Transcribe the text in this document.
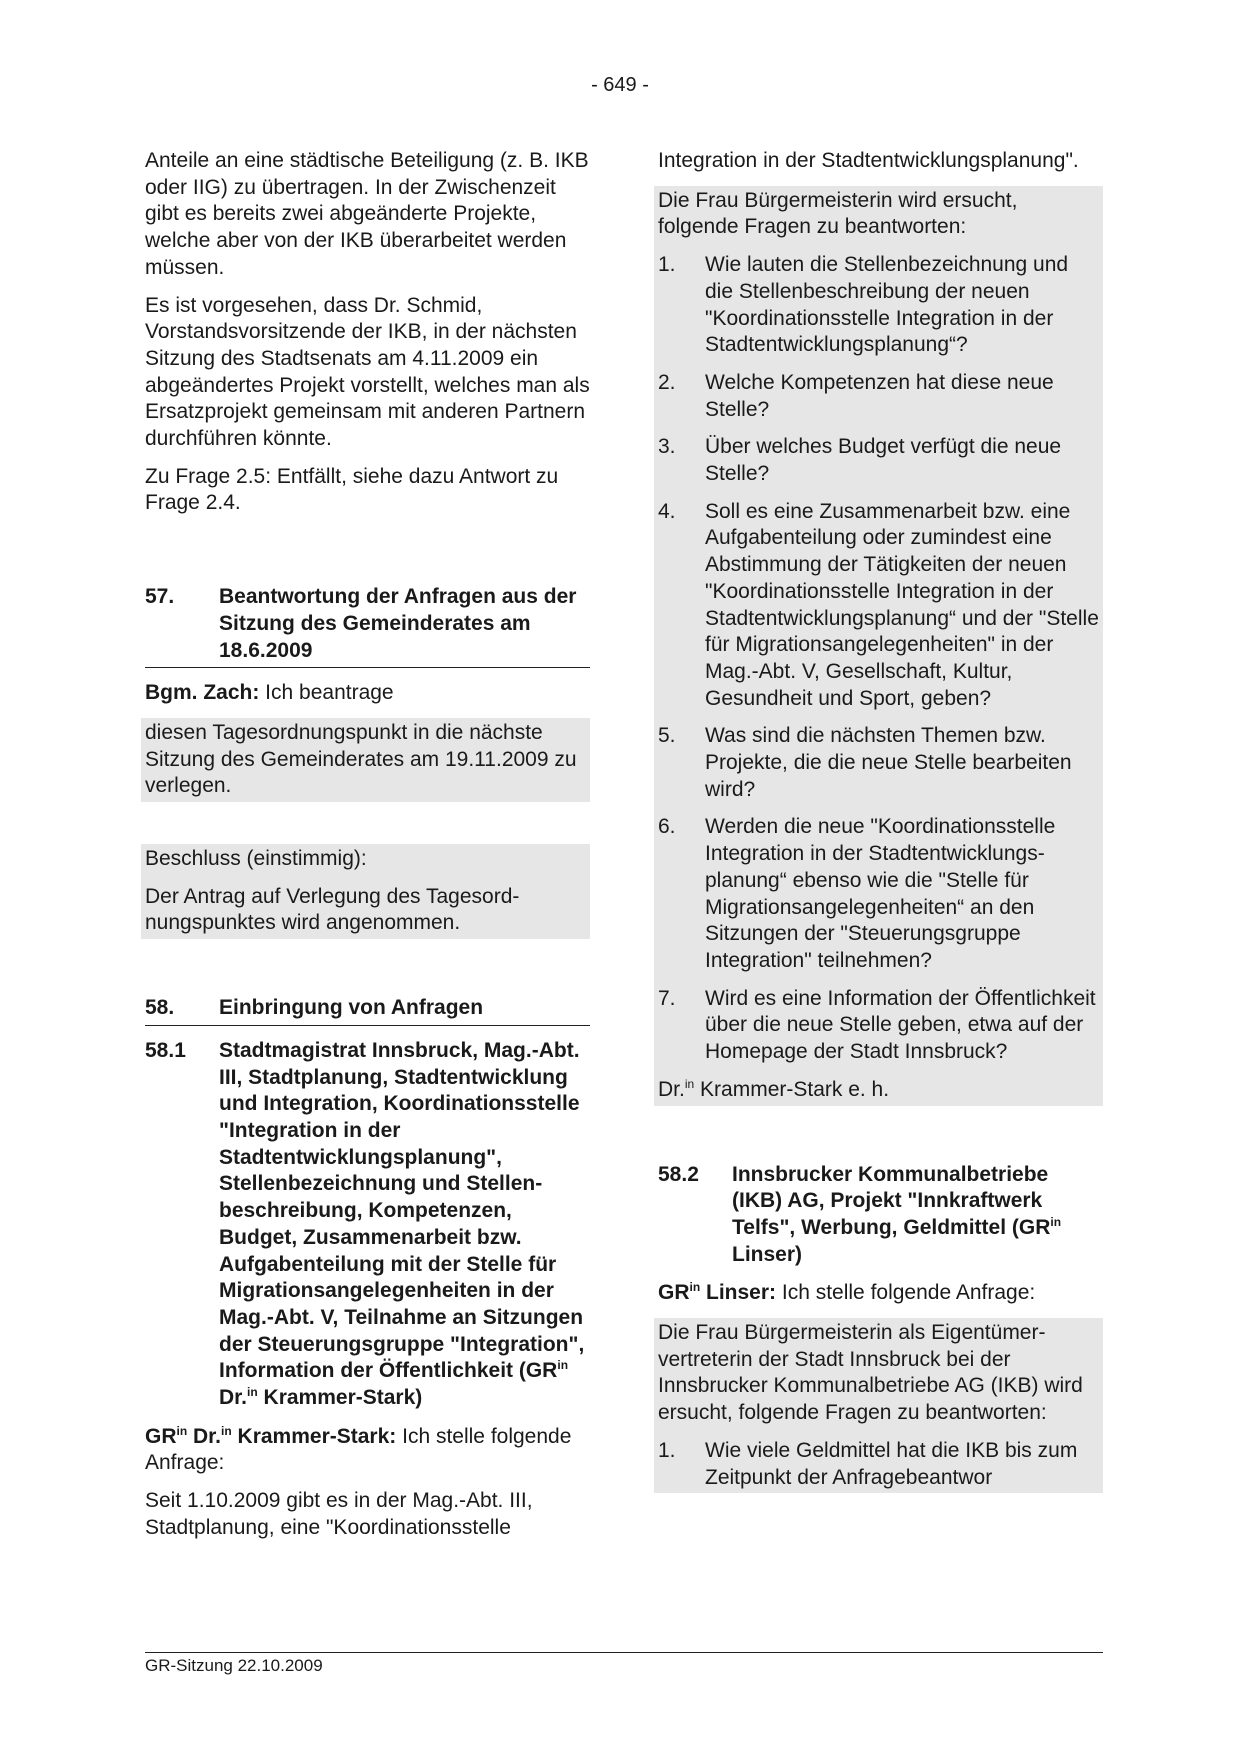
- 649 -

Anteile an eine städtische Beteiligung (z. B. IKB oder IIG) zu übertragen. In der Zwischenzeit gibt es bereits zwei abgeänderte Projekte, welche aber von der IKB überarbeitet werden müssen.

Es ist vorgesehen, dass Dr. Schmid, Vorstandsvorsitzende der IKB, in der nächsten Sitzung des Stadtsenats am 4.11.2009 ein abgeändertes Projekt vorstellt, welches man als Ersatzprojekt gemeinsam mit anderen Partnern durchführen könnte.

Zu Frage 2.5: Entfällt, siehe dazu Antwort zu Frage 2.4.

57.	Beantwortung der Anfragen aus der Sitzung des Gemeinderates am 18.6.2009

Bgm. Zach: Ich beantrage

diesen Tagesordnungspunkt in die nächste Sitzung des Gemeinderates am 19.11.2009 zu verlegen.

Beschluss (einstimmig):

Der Antrag auf Verlegung des Tagesordnungspunktes wird angenommen.

58.	Einbringung von Anfragen
58.1	Stadtmagistrat Innsbruck, Mag.-Abt. III, Stadtplanung, Stadtentwicklung und Integration, Koordinationsstelle "Integration in der Stadtentwicklungsplanung", Stellenbezeichnung und Stellenbeschreibung, Kompetenzen, Budget, Zusammenarbeit bzw. Aufgabenteilung mit der Stelle für Migrationsangelegenheiten in der Mag.-Abt. V, Teilnahme an Sitzungen der Steuerungsgruppe "Integration", Information der Öffentlichkeit ($GR^{in}$ Dr.$^{in}$ Krammer-Stark)

$GR^{in}$ Dr.$^{in}$ Krammer-Stark: Ich stelle folgende Anfrage:

Seit 1.10.2009 gibt es in der Mag.-Abt. III, Stadtplanung, eine "Koordinationsstelle

Integration in der Stadtentwicklungsplanung".

Die Frau Bürgermeisterin wird ersucht, folgende Fragen zu beantworten:

1.	Wie lauten die Stellenbezeichnung und die Stellenbeschreibung der neuen "Koordinationsstelle Integration in der Stadtentwicklungsplanung“?
2.	Welche Kompetenzen hat diese neue Stelle?
3.	Über welches Budget verfügt die neue Stelle?
4.	Soll es eine Zusammenarbeit bzw. eine Aufgabenteilung oder zumindest eine Abstimmung der Tätigkeiten der neuen "Koordinationsstelle Integration in der Stadtentwicklungsplanung“ und der "Stelle für Migrationsangelegenheiten" in der Mag.-Abt. V, Gesellschaft, Kultur, Gesundheit und Sport, geben?
5.	Was sind die nächsten Themen bzw. Projekte, die die neue Stelle bearbeiten wird?
6.	Werden die neue "Koordinationsstelle Integration in der Stadtentwicklungsplanung“ ebenso wie die "Stelle für Migrationsangelegenheiten“ an den Sitzungen der "Steuerungsgruppe Integration" teilnehmen?
7.	Wird es eine Information der Öffentlichkeit über die neue Stelle geben, etwa auf der Homepage der Stadt Innsbruck?

Dr.$^{in}$ Krammer-Stark e. h.

58.2	Innsbrucker Kommunalbetriebe (IKB) AG, Projekt "Innkraftwerk Telfs", Werbung, Geldmittel ($GR^{in}$ Linser)

$GR^{in}$ Linser: Ich stelle folgende Anfrage:

Die Frau Bürgermeisterin als Eigentümervertreterin der Stadt Innsbruck bei der Innsbrucker Kommunalbetriebe AG (IKB) wird ersucht, folgende Fragen zu beantworten:

1.	Wie viele Geldmittel hat die IKB bis zum Zeitpunkt der Anfragebeantwor
GR-Sitzung 22.10.2009
